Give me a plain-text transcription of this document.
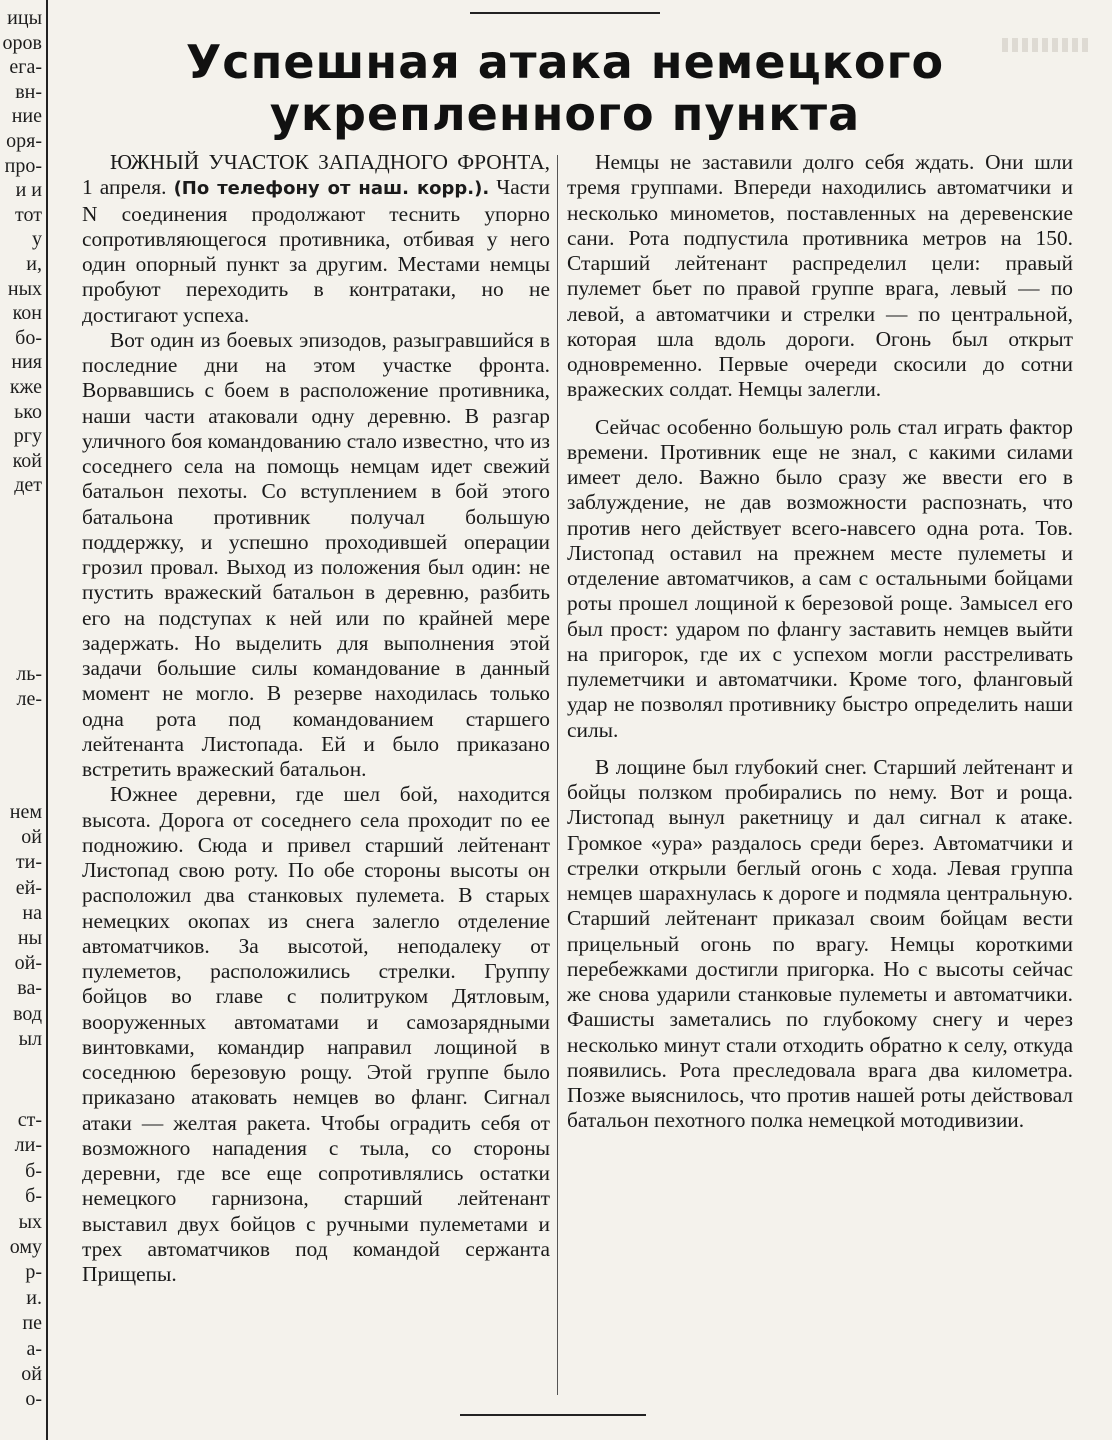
ицы
оров
ега-
вн-
ние
оря-
про-
и и
тот
у
и,
ных
кон
бо-
ния
кже
ько
ргу
кой
дет
ль-
ле-
нем
ой
ти-
ей-
на
ны
ой-
ва-
вод
ыл
ст-
ли-
б-
б-
ых
ому
р-
и.
пе
а-
ой
о-
Успешная атака немецкого
укрепленного пункта

ЮЖНЫЙ УЧАСТОК ЗАПАДНОГО ФРОНТА, 1 апреля. (По телефону от наш. корр.). Части N соединения продолжают теснить упорно сопротивляющегося противника, отбивая у него один опорный пункт за другим. Местами немцы пробуют переходить в контратаки, но не достигают успеха.

Вот один из боевых эпизодов, разыгравшийся в последние дни на этом участке фронта. Ворвавшись с боем в расположение противника, наши части атаковали одну деревню. В разгар уличного боя командованию стало известно, что из соседнего села на помощь немцам идет свежий батальон пехоты. Со вступлением в бой этого батальона противник получал большую поддержку, и успешно проходившей операции грозил провал. Выход из положения был один: не пустить вражеский батальон в деревню, разбить его на подступах к ней или по крайней мере задержать. Но выделить для выполнения этой задачи большие силы командование в данный момент не могло. В резерве находилась только одна рота под командованием старшего лейтенанта Листопада. Ей и было приказано встретить вражеский батальон.

Южнее деревни, где шел бой, находится высота. Дорога от соседнего села проходит по ее подножию. Сюда и привел старший лейтенант Листопад свою роту. По обе стороны высоты он расположил два станковых пулемета. В старых немецких окопах из снега залегло отделение автоматчиков. За высотой, неподалеку от пулеметов, расположились стрелки. Группу бойцов во главе с политруком Дятловым, вооруженных автоматами и самозарядными винтовками, командир направил лощиной в соседнюю березовую рощу. Этой группе было приказано атаковать немцев во фланг. Сигнал атаки — желтая ракета. Чтобы оградить себя от возможного нападения с тыла, со стороны деревни, где все еще сопротивлялись остатки немецкого гарнизона, старший лейтенант выставил двух бойцов с ручными пулеметами и трех автоматчиков под командой сержанта Прищепы.

Немцы не заставили долго себя ждать. Они шли тремя группами. Впереди находились автоматчики и несколько минометов, поставленных на деревенские сани. Рота подпустила противника метров на 150. Старший лейтенант распределил цели: правый пулемет бьет по правой группе врага, левый — по левой, а автоматчики и стрелки — по центральной, которая шла вдоль дороги. Огонь был открыт одновременно. Первые очереди скосили до сотни вражеских солдат. Немцы залегли.

Сейчас особенно большую роль стал играть фактор времени. Противник еще не знал, с какими силами имеет дело. Важно было сразу же ввести его в заблуждение, не дав возможности распознать, что против него действует всего-навсего одна рота. Тов. Листопад оставил на прежнем месте пулеметы и отделение автоматчиков, а сам с остальными бойцами роты прошел лощиной к березовой роще. Замысел его был прост: ударом по флангу заставить немцев выйти на пригорок, где их с успехом могли расстреливать пулеметчики и автоматчики. Кроме того, фланговый удар не позволял противнику быстро определить наши силы.

В лощине был глубокий снег. Старший лейтенант и бойцы ползком пробирались по нему. Вот и роща. Листопад вынул ракетницу и дал сигнал к атаке. Громкое «ура» раздалось среди берез. Автоматчики и стрелки открыли беглый огонь с хода. Левая группа немцев шарахнулась к дороге и подмяла центральную. Старший лейтенант приказал своим бойцам вести прицельный огонь по врагу. Немцы короткими перебежками достигли пригорка. Но с высоты сейчас же снова ударили станковые пулеметы и автоматчики. Фашисты заметались по глубокому снегу и через несколько минут стали отходить обратно к селу, откуда появились. Рота преследовала врага два километра. Позже выяснилось, что против нашей роты действовал батальон пехотного полка немецкой мотодивизии.
